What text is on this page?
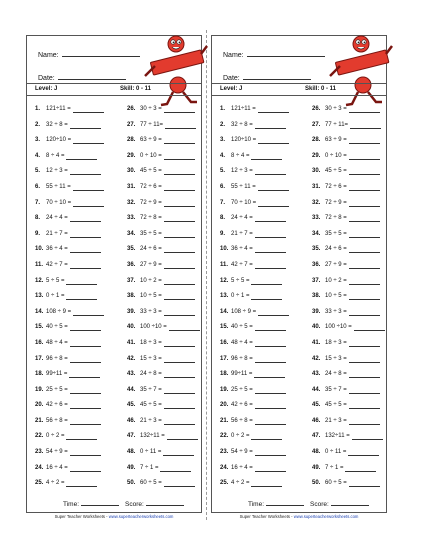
Name:
Date:
Level: J	Skill: 0 - 11
1. 121÷11 =
2. 32 ÷ 8 =
3. 120÷10 =
4. 8 ÷ 4 =
5. 12 ÷ 3 =
6. 55 ÷ 11 =
7. 70 ÷ 10 =
8. 24 ÷ 4 =
9. 21 ÷ 7 =
10. 36 ÷ 4 =
11. 42 ÷ 7 =
12. 5 ÷ 5 =
13. 0 ÷ 1 =
14. 108 ÷ 9 =
15. 40 ÷ 5 =
16. 48 ÷ 4 =
17. 96 ÷ 8 =
18. 99÷11 =
19. 25 ÷ 5 =
20. 42 ÷ 6 =
21. 56 ÷ 8 =
22. 0 ÷ 2 =
23. 54 ÷ 9 =
24. 16 ÷ 4 =
25. 4 ÷ 2 =
26. 30 ÷ 3 =
27. 77 ÷ 11=
28. 63 ÷ 9 =
29. 0 ÷ 10 =
30. 45 ÷ 5 =
31. 72 ÷ 6 =
32. 72 ÷ 9 =
33. 72 ÷ 8 =
34. 35 ÷ 5 =
35. 24 ÷ 6 =
36. 27 ÷ 9 =
37. 10 ÷ 2 =
38. 10 ÷ 5 =
39. 33 ÷ 3 =
40. 100 ÷10 =
41. 18 ÷ 3 =
42. 15 ÷ 3 =
43. 24 ÷ 8 =
44. 35 ÷ 7 =
45. 45 ÷ 5 =
46. 21 ÷ 3 =
47. 132÷11 =
48. 0 ÷ 11 =
49. 7 ÷ 1 =
50. 60 ÷ 5 =
Time:	Score:
Super Teacher Worksheets - www.superteacherworksheets.com
Name:
Date:
Level: J	Skill: 0 - 11
1. 121÷11 =
2. 32 ÷ 8 =
3. 120÷10 =
4. 8 ÷ 4 =
5. 12 ÷ 3 =
6. 55 ÷ 11 =
7. 70 ÷ 10 =
8. 24 ÷ 4 =
9. 21 ÷ 7 =
10. 36 ÷ 4 =
11. 42 ÷ 7 =
12. 5 ÷ 5 =
13. 0 ÷ 1 =
14. 108 ÷ 9 =
15. 40 ÷ 5 =
16. 48 ÷ 4 =
17. 96 ÷ 8 =
18. 99÷11 =
19. 25 ÷ 5 =
20. 42 ÷ 6 =
21. 56 ÷ 8 =
22. 0 ÷ 2 =
23. 54 ÷ 9 =
24. 16 ÷ 4 =
25. 4 ÷ 2 =
26. 30 ÷ 3 =
27. 77 ÷ 11=
28. 63 ÷ 9 =
29. 0 ÷ 10 =
30. 45 ÷ 5 =
31. 72 ÷ 6 =
32. 72 ÷ 9 =
33. 72 ÷ 8 =
34. 35 ÷ 5 =
35. 24 ÷ 6 =
36. 27 ÷ 9 =
37. 10 ÷ 2 =
38. 10 ÷ 5 =
39. 33 ÷ 3 =
40. 100 ÷10 =
41. 18 ÷ 3 =
42. 15 ÷ 3 =
43. 24 ÷ 8 =
44. 35 ÷ 7 =
45. 45 ÷ 5 =
46. 21 ÷ 3 =
47. 132÷11 =
48. 0 ÷ 11 =
49. 7 ÷ 1 =
50. 60 ÷ 5 =
Time:	Score:
Super Teacher Worksheets - www.superteacherworksheets.com
